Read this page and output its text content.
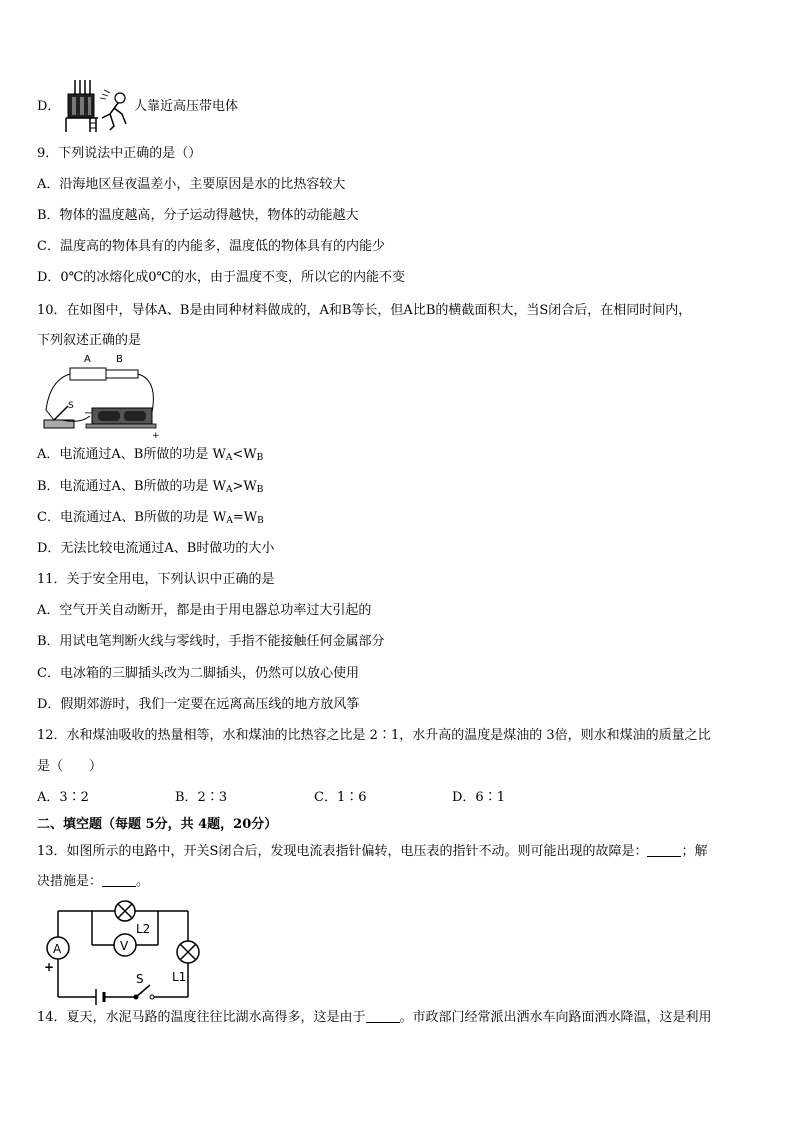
D．	人靠近高压带电体
9．下列说法中正确的是（）
A．沿海地区昼夜温差小，主要原因是水的比热容较大
B．物体的温度越高，分子运动得越快，物体的动能越大
C．温度高的物体具有的内能多，温度低的物体具有的内能少
D．0℃的冰熔化成0℃的水，由于温度不变，所以它的内能不变
10．在如图中，导体A、B是由同种材料做成的，A和B等长，但A比B的横截面积大，当S闭合后，在相同时间内，
下列叙述正确的是
A	B
S
−
+
A．电流通过A、B所做的功是 $W_A<W_B$
B．电流通过A、B所做的功是 $W_A>W_B$
C．电流通过A、B所做的功是 $W_A=W_B$
D．无法比较电流通过A、B时做功的大小
11．关于安全用电，下列认识中正确的是
A．空气开关自动断开，都是由于用电器总功率过大引起的
B．用试电笔判断火线与零线时，手指不能接触任何金属部分
C．电冰箱的三脚插头改为二脚插头，仍然可以放心使用
D．假期郊游时，我们一定要在远离高压线的地方放风筝
12．水和煤油吸收的热量相等，水和煤油的比热容之比是 2∶1，水升高的温度是煤油的 3倍，则水和煤油的质量之比
是（　　）
A．3∶2	B．2∶3	C．1∶6	D．6∶1
二、填空题（每题 5分，共 4题，20分）
13．如图所示的电路中，开关S闭合后，发现电流表指针偏转，电压表的指针不动。则可能出现的故障是：	；解
决措施是：	。
A
+
L2
V
L1
S
14．夏天，水泥马路的温度往往比湖水高得多，这是由于	。市政部门经常派出洒水车向路面洒水降温，这是利用
